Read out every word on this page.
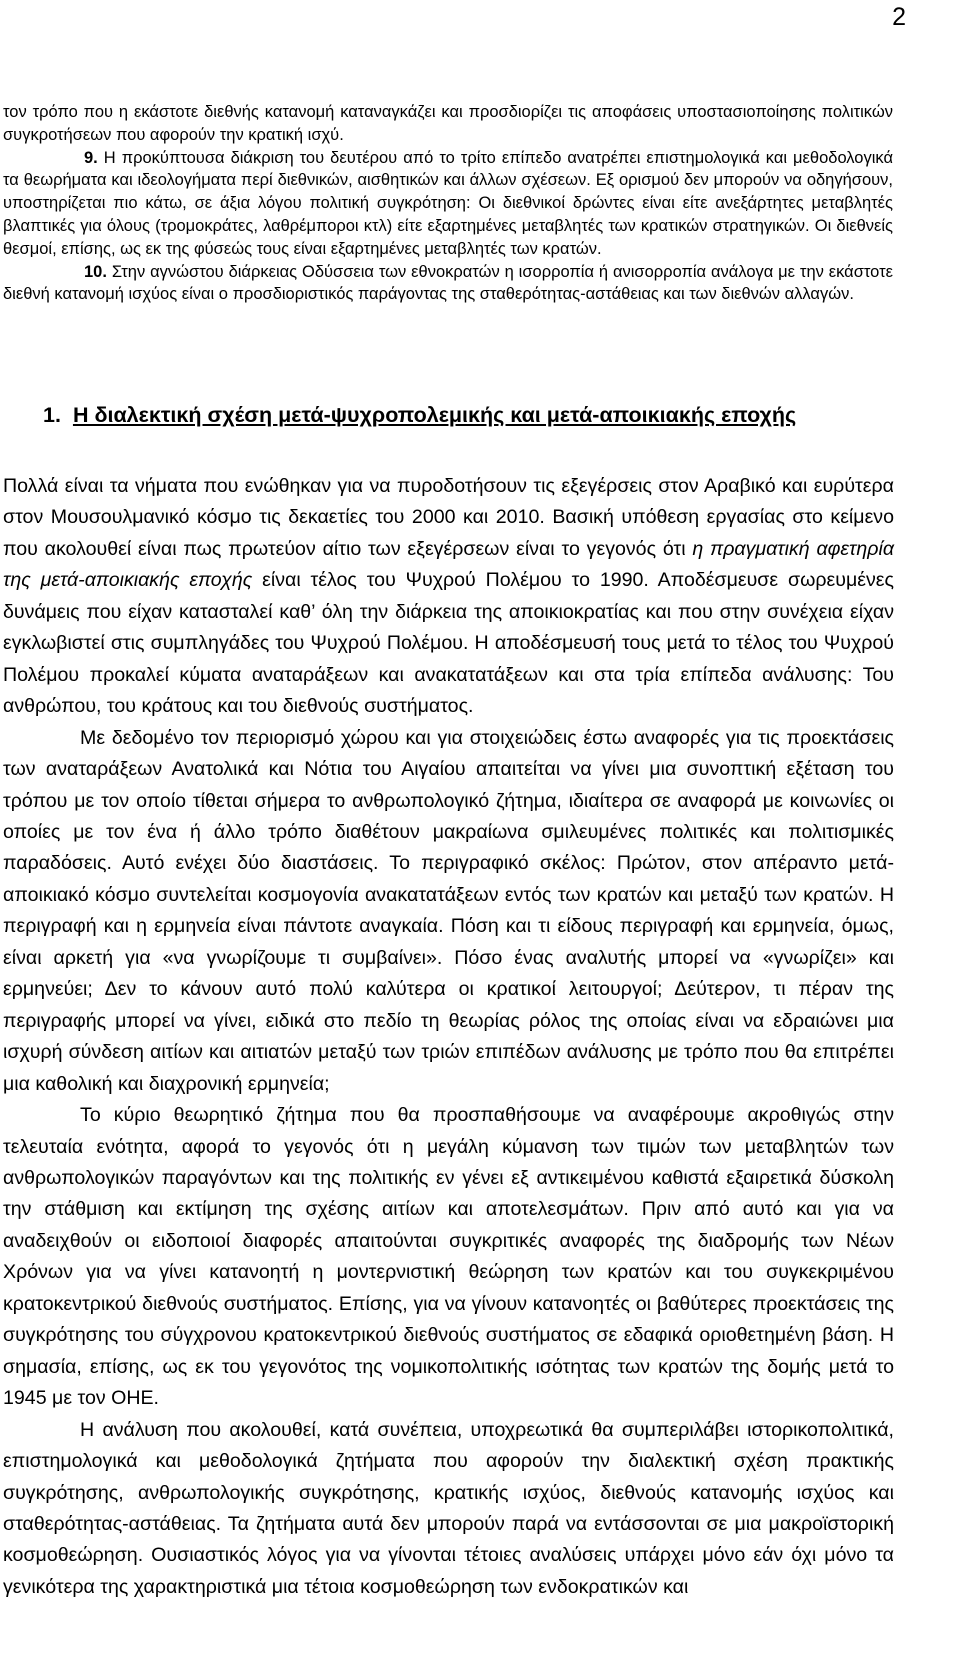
2

τον τρόπο που η εκάστοτε διεθνής κατανομή καταναγκάζει και προσδιορίζει τις αποφάσεις υποστασιοποίησης πολιτικών συγκροτήσεων που αφορούν την κρατική ισχύ.

9. Η προκύπτουσα διάκριση του δευτέρου από το τρίτο επίπεδο ανατρέπει επιστημολογικά και μεθοδολογικά τα θεωρήματα και ιδεολογήματα περί διεθνικών, αισθητικών και άλλων σχέσεων. Εξ ορισμού δεν μπορούν να οδηγήσουν, υποστηρίζεται πιο κάτω, σε άξια λόγου πολιτική συγκρότηση: Οι διεθνικοί δρώντες είναι είτε ανεξάρτητες μεταβλητές βλαπτικές για όλους (τρομοκράτες, λαθρέμποροι κτλ) είτε εξαρτημένες μεταβλητές των κρατικών στρατηγικών. Οι διεθνείς θεσμοί, επίσης, ως εκ της φύσεώς τους είναι εξαρτημένες μεταβλητές των κρατών.

10. Στην αγνώστου διάρκειας Οδύσσεια των εθνοκρατών η ισορροπία ή ανισορροπία ανάλογα με την εκάστοτε διεθνή κατανομή ισχύος είναι ο προσδιοριστικός παράγοντας της σταθερότητας-αστάθειας και των διεθνών αλλαγών.

1. Η διαλεκτική σχέση μετά-ψυχροπολεμικής και μετά-αποικιακής εποχής

Πολλά είναι τα νήματα που ενώθηκαν για να πυροδοτήσουν τις εξεγέρσεις στον Αραβικό και ευρύτερα στον Μουσουλμανικό κόσμο τις δεκαετίες του 2000 και 2010. Βασική υπόθεση εργασίας στο κείμενο που ακολουθεί είναι πως πρωτεύον αίτιο των εξεγέρσεων είναι το γεγονός ότι η πραγματική αφετηρία της μετά-αποικιακής εποχής είναι τέλος του Ψυχρού Πολέμου το 1990. Αποδέσμευσε σωρευμένες δυνάμεις που είχαν κατασταλεί καθ’ όλη την διάρκεια της αποικιοκρατίας και που στην συνέχεια είχαν εγκλωβιστεί στις συμπληγάδες του Ψυχρού Πολέμου. Η αποδέσμευσή τους μετά το τέλος του Ψυχρού Πολέμου προκαλεί κύματα αναταράξεων και ανακατατάξεων και στα τρία επίπεδα ανάλυσης: Του ανθρώπου, του κράτους και του διεθνούς συστήματος.

Με δεδομένο τον περιορισμό χώρου και για στοιχειώδεις έστω αναφορές για τις προεκτάσεις των αναταράξεων Ανατολικά και Νότια του Αιγαίου απαιτείται να γίνει μια συνοπτική εξέταση του τρόπου με τον οποίο τίθεται σήμερα το ανθρωπολογικό ζήτημα, ιδιαίτερα σε αναφορά με κοινωνίες οι οποίες με τον ένα ή άλλο τρόπο διαθέτουν μακραίωνα σμιλευμένες πολιτικές και πολιτισμικές παραδόσεις. Αυτό ενέχει δύο διαστάσεις. Το περιγραφικό σκέλος: Πρώτον, στον απέραντο μετά-αποικιακό κόσμο συντελείται κοσμογονία ανακατατάξεων εντός των κρατών και μεταξύ των κρατών. Η περιγραφή και η ερμηνεία είναι πάντοτε αναγκαία. Πόση και τι είδους περιγραφή και ερμηνεία, όμως, είναι αρκετή για «να γνωρίζουμε τι συμβαίνει». Πόσο ένας αναλυτής μπορεί να «γνωρίζει» και ερμηνεύει; Δεν το κάνουν αυτό πολύ καλύτερα οι κρατικοί λειτουργοί; Δεύτερον, τι πέραν της περιγραφής μπορεί να γίνει, ειδικά στο πεδίο τη θεωρίας ρόλος της οποίας είναι να εδραιώνει μια ισχυρή σύνδεση αιτίων και αιτιατών μεταξύ των τριών επιπέδων ανάλυσης με τρόπο που θα επιτρέπει μια καθολική και διαχρονική ερμηνεία;

Το κύριο θεωρητικό ζήτημα που θα προσπαθήσουμε να αναφέρουμε ακροθιγώς στην τελευταία ενότητα, αφορά το γεγονός ότι η μεγάλη κύμανση των τιμών των μεταβλητών των ανθρωπολογικών παραγόντων και της πολιτικής εν γένει εξ αντικειμένου καθιστά εξαιρετικά δύσκολη την στάθμιση και εκτίμηση της σχέσης αιτίων και αποτελεσμάτων. Πριν από αυτό και για να αναδειχθούν οι ειδοποιοί διαφορές απαιτούνται συγκριτικές αναφορές της διαδρομής των Νέων Χρόνων για να γίνει κατανοητή η μοντερνιστική θεώρηση των κρατών και του συγκεκριμένου κρατοκεντρικού διεθνούς συστήματος. Επίσης, για να γίνουν κατανοητές οι βαθύτερες προεκτάσεις της συγκρότησης του σύγχρονου κρατοκεντρικού διεθνούς συστήματος σε εδαφικά οριοθετημένη βάση. Η σημασία, επίσης, ως εκ του γεγονότος της νομικοπολιτικής ισότητας των κρατών της δομής μετά το 1945 με τον ΟΗΕ.

Η ανάλυση που ακολουθεί, κατά συνέπεια, υποχρεωτικά θα συμπεριλάβει ιστορικοπολιτικά, επιστημολογικά και μεθοδολογικά ζητήματα που αφορούν την διαλεκτική σχέση πρακτικής συγκρότησης, ανθρωπολογικής συγκρότησης, κρατικής ισχύος, διεθνούς κατανομής ισχύος και σταθερότητας-αστάθειας. Τα ζητήματα αυτά δεν μπορούν παρά να εντάσσονται σε μια μακροϊστορική κοσμοθεώρηση. Ουσιαστικός λόγος για να γίνονται τέτοιες αναλύσεις υπάρχει μόνο εάν όχι μόνο τα γενικότερα της χαρακτηριστικά μια τέτοια κοσμοθεώρηση των ενδοκρατικών και
